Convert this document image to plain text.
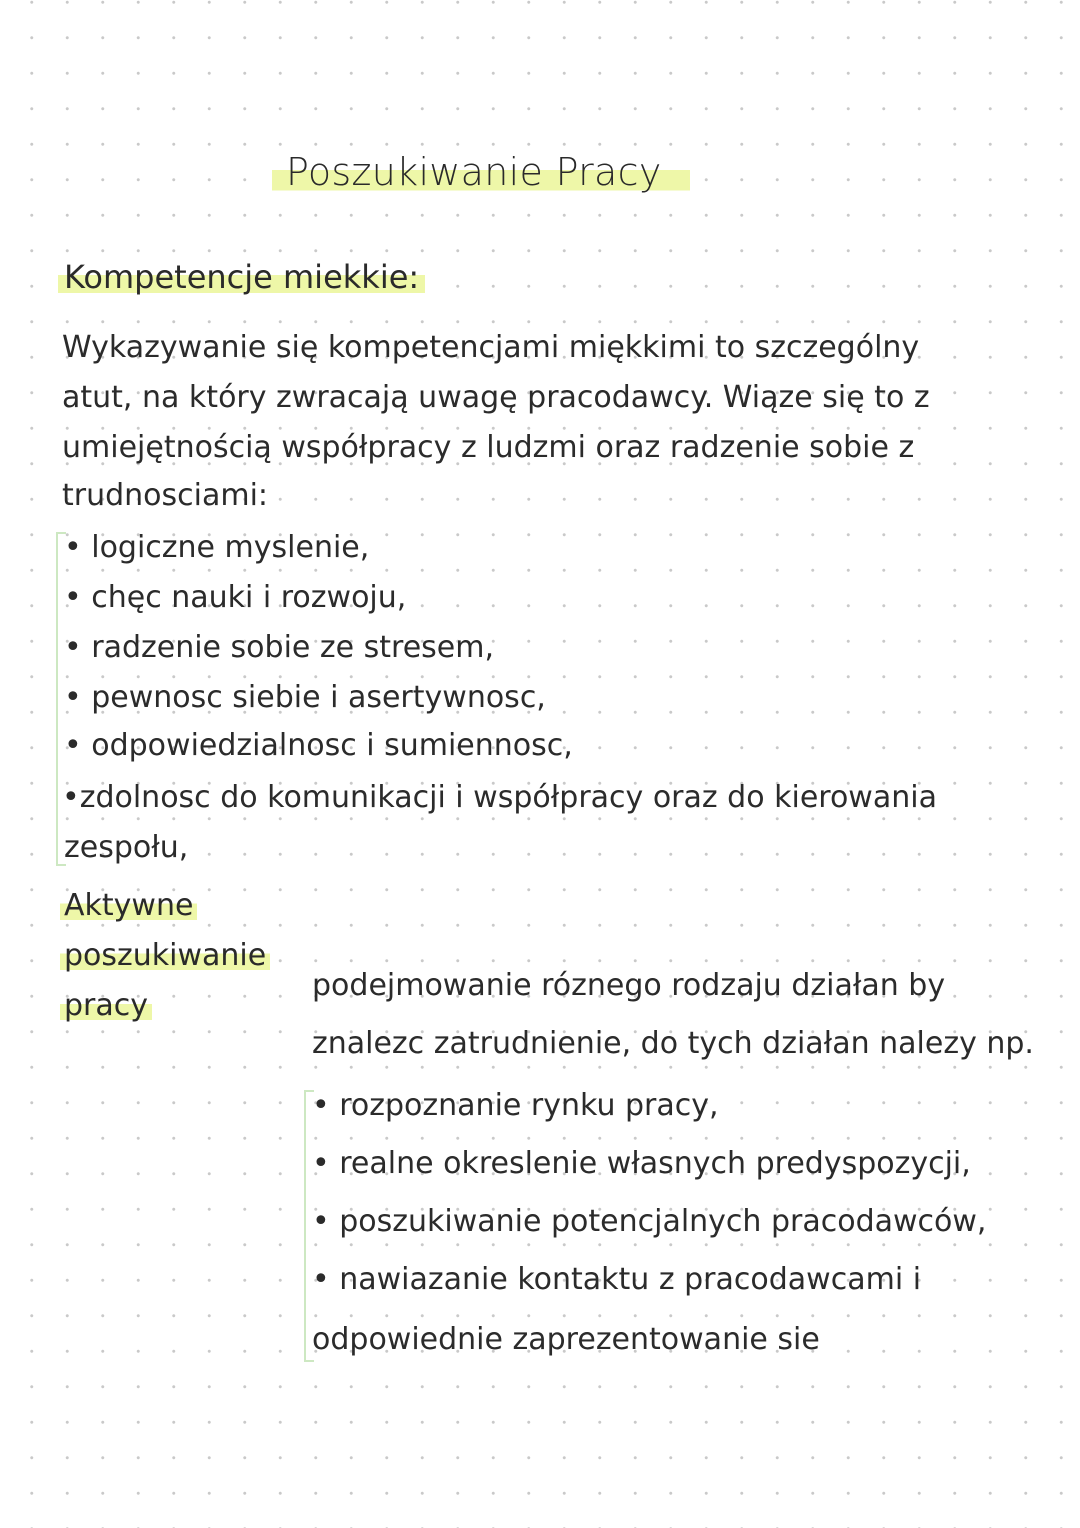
Poszukiwanie Pracy
Kompetencje miekkie:
Wykazywanie się kompetencjami miękkimi to szczególny
atut, na który zwracają uwagę pracodawcy. Wiąze się to z
umiejętnością współpracy z ludzmi oraz radzenie sobie z
trudnosciami:
• logiczne myslenie,
• chęc nauki i rozwoju,
• radzenie sobie ze stresem,
• pewnosc siebie i asertywnosc,
• odpowiedzialnosc i sumiennosc,
•zdolnosc do komunikacji i współpracy oraz do kierowania
zespołu,
Aktywne
poszukiwanie
pracy
podejmowanie róznego rodzaju działan by
znalezc zatrudnienie, do tych działan nalezy np.
• rozpoznanie rynku pracy,
• realne okreslenie własnych predyspozycji,
• poszukiwanie potencjalnych pracodawców,
• nawiazanie kontaktu z pracodawcami i
odpowiednie zaprezentowanie sie
